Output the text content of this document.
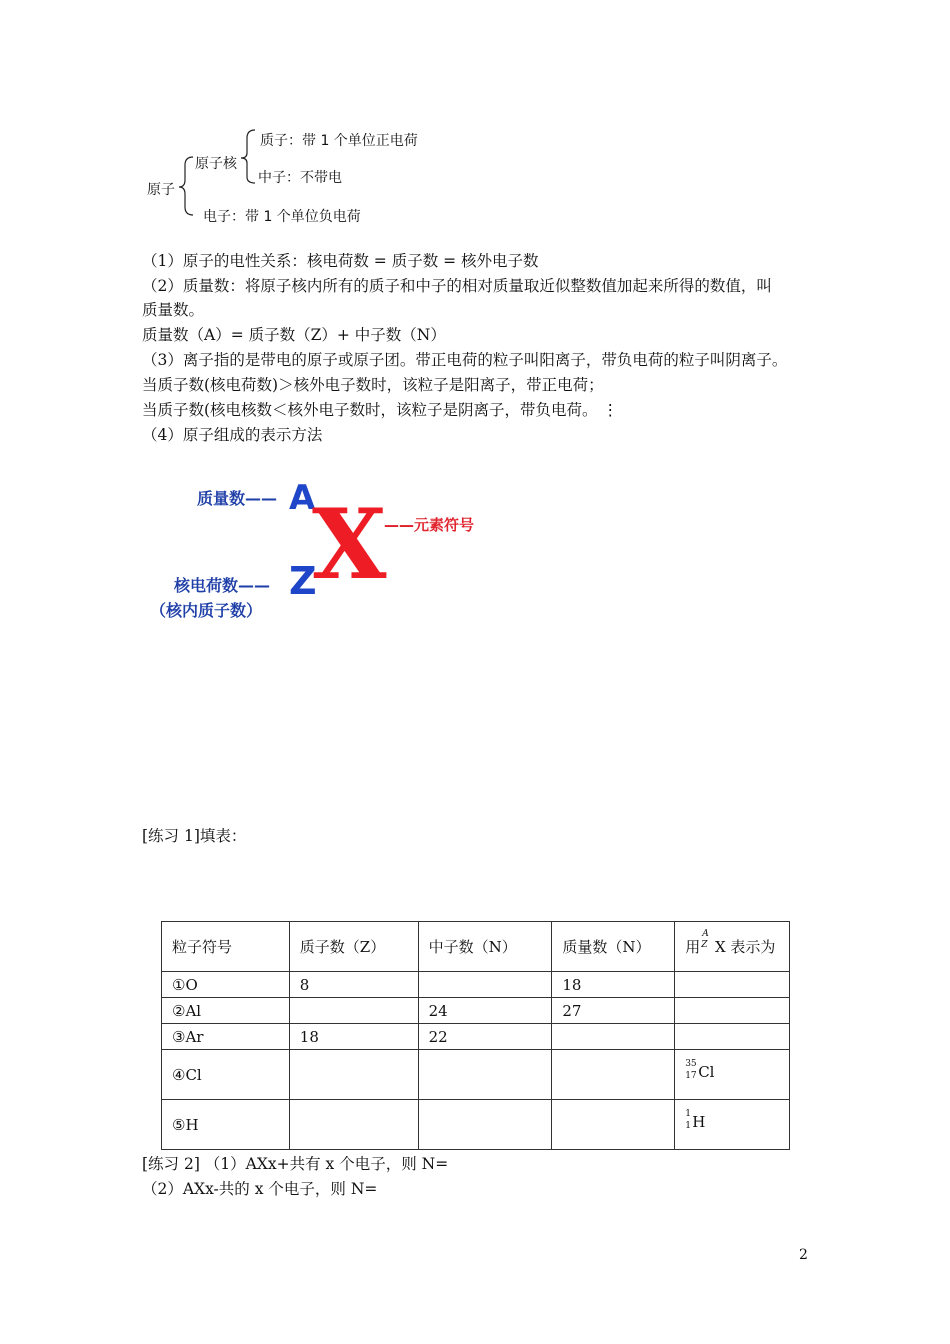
原子
原子核
质子：带 1 个单位正电荷
中子：不带电
电子：带 1 个单位负电荷
（1）原子的电性关系：核电荷数 = 质子数 = 核外电子数
（2）质量数：将原子核内所有的质子和中子的相对质量取近似整数值加起来所得的数值，叫
质量数。
质量数（A）= 质子数（Z）+ 中子数（N）
（3）离子指的是带电的原子或原子团。带正电荷的粒子叫阳离子，带负电荷的粒子叫阴离子。
当质子数(核电荷数)＞核外电子数时，该粒子是阳离子，带正电荷；
当质子数(核电核数＜核外电子数时，该粒子是阴离子，带负电荷。 ⋮
（4）原子组成的表示方法
质量数—— A
X
——元素符号
核电荷数—— Z
（核内质子数）
[练习 1]填表：
粒子符号	质子数（Z）	中子数（N）	质量数（N）	用
A
Z X 表示为
①O	8		18	
②Al		24	27	
③Ar	18	22		
④Cl				35
17 Cl
⑤H				1
1 H
[练习 2] （1）AXx+共有 x 个电子，则 N=
（2）AXx-共的 x 个电子，则 N=
2
